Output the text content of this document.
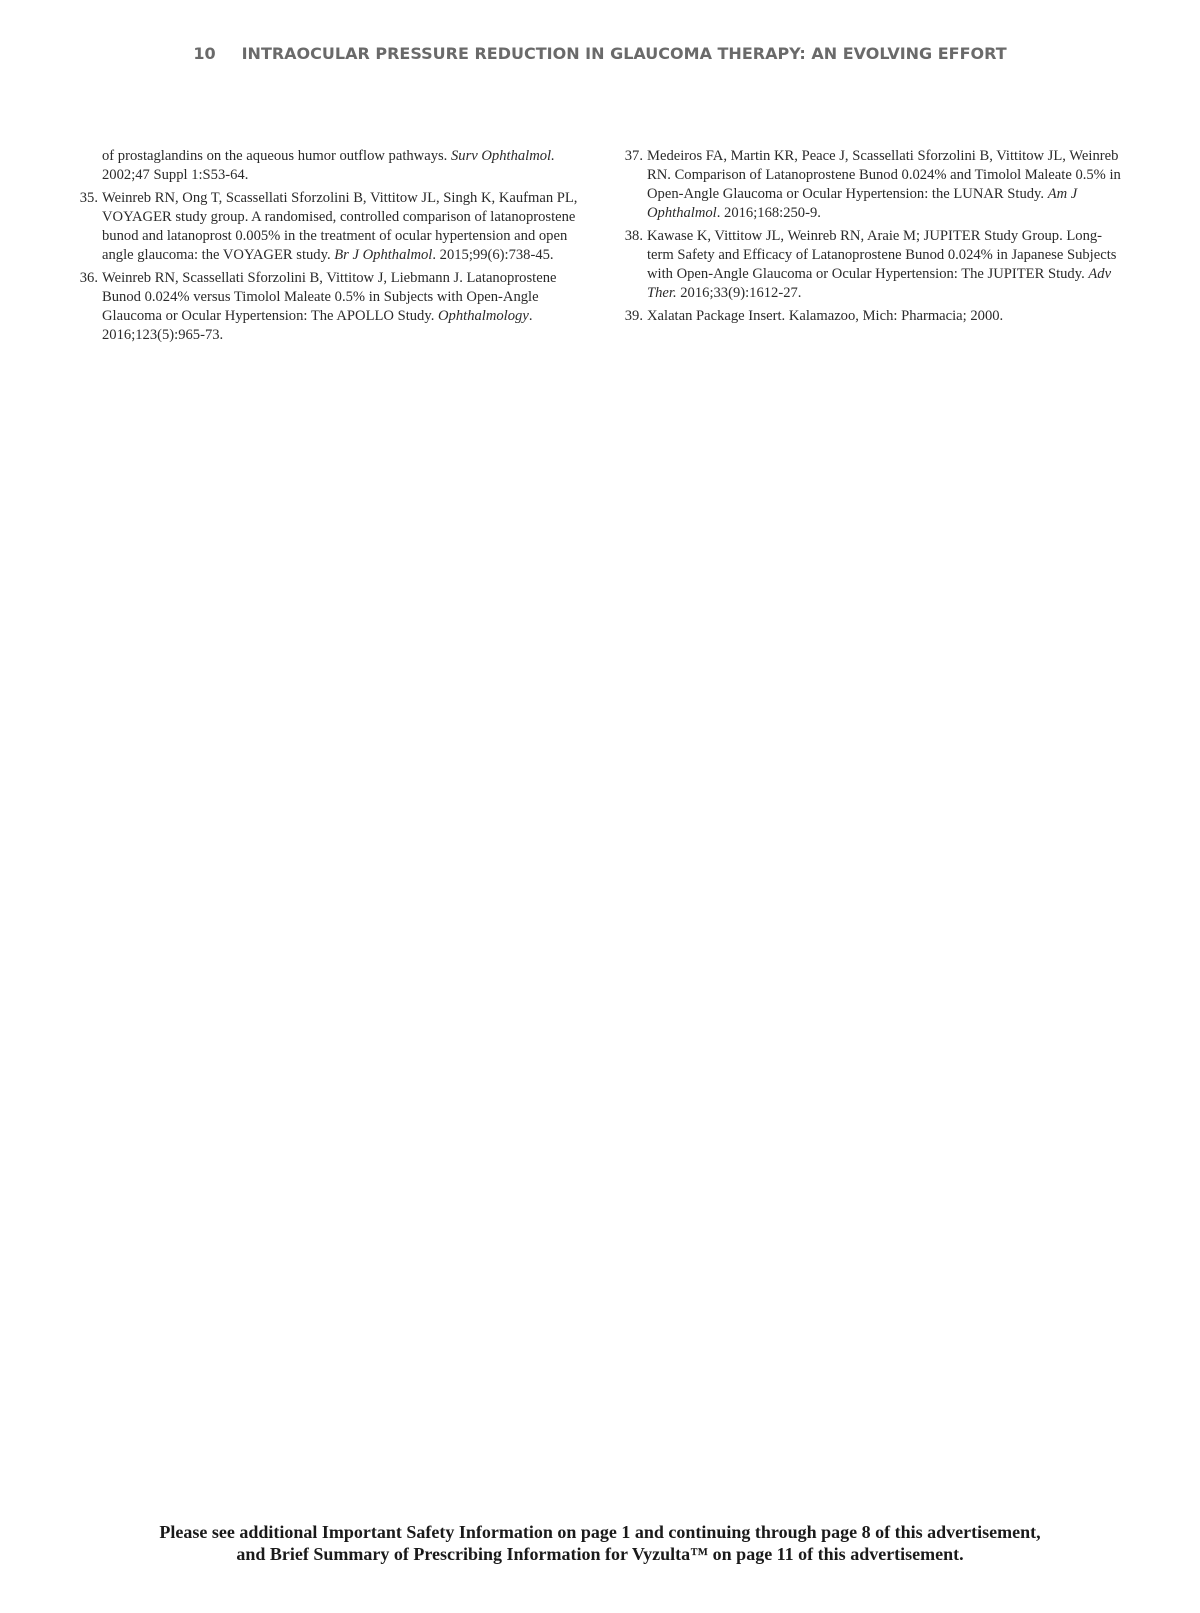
10 INTRAOCULAR PRESSURE REDUCTION IN GLAUCOMA THERAPY: AN EVOLVING EFFORT
of prostaglandins on the aqueous humor outflow pathways. Surv Ophthalmol. 2002;47 Suppl 1:S53-64.
35. Weinreb RN, Ong T, Scassellati Sforzolini B, Vittitow JL, Singh K, Kaufman PL, VOYAGER study group. A randomised, controlled comparison of latanoprostene bunod and latanoprost 0.005% in the treatment of ocular hypertension and open angle glaucoma: the VOYAGER study. Br J Ophthalmol. 2015;99(6):738-45.
36. Weinreb RN, Scassellati Sforzolini B, Vittitow J, Liebmann J. Latanoprostene Bunod 0.024% versus Timolol Maleate 0.5% in Subjects with Open-Angle Glaucoma or Ocular Hypertension: The APOLLO Study. Ophthalmology. 2016;123(5):965-73.
37. Medeiros FA, Martin KR, Peace J, Scassellati Sforzolini B, Vittitow JL, Weinreb RN. Comparison of Latanoprostene Bunod 0.024% and Timolol Maleate 0.5% in Open-Angle Glaucoma or Ocular Hypertension: the LUNAR Study. Am J Ophthalmol. 2016;168:250-9.
38. Kawase K, Vittitow JL, Weinreb RN, Araie M; JUPITER Study Group. Long-term Safety and Efficacy of Latanoprostene Bunod 0.024% in Japanese Subjects with Open-Angle Glaucoma or Ocular Hypertension: The JUPITER Study. Adv Ther. 2016;33(9):1612-27.
39. Xalatan Package Insert. Kalamazoo, Mich: Pharmacia; 2000.
Please see additional Important Safety Information on page 1 and continuing through page 8 of this advertisement,
and Brief Summary of Prescribing Information for Vyzulta™ on page 11 of this advertisement.
